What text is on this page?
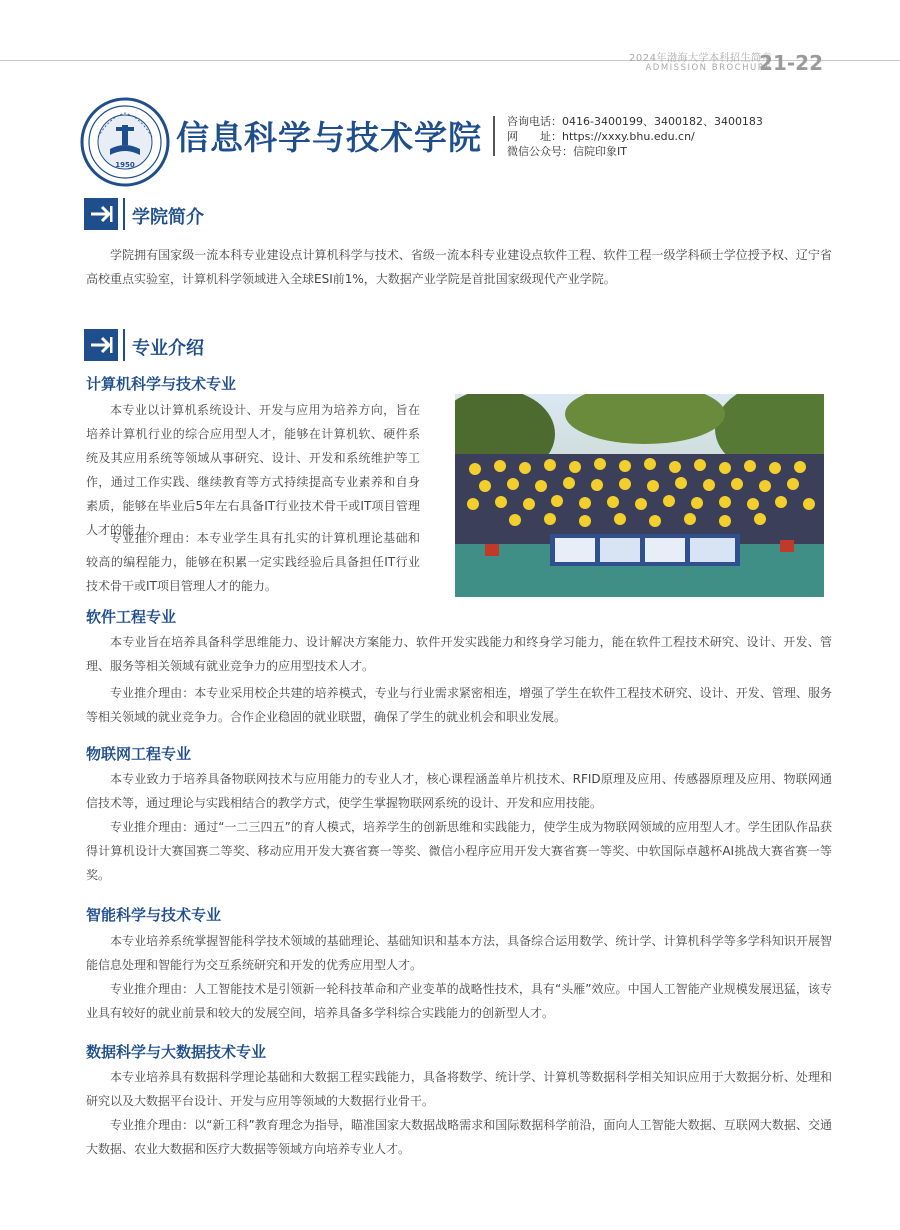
2024年渤海大学本科招生简章
ADMISSION BROCHURE
21-22
1950
信息科学与技术学院 咨询电话：0416-3400199、3400182、3400183
网　　址：https://xxxy.bhu.edu.cn/
微信公众号：信院印象IT
学院简介
学院拥有国家级一流本科专业建设点计算机科学与技术、省级一流本科专业建设点软件工程、软件工程一级学科硕士学位授予权、辽宁省高校重点实验室，计算机科学领域进入全球ESI前1%，大数据产业学院是首批国家级现代产业学院。
专业介绍
计算机科学与技术专业
本专业以计算机系统设计、开发与应用为培养方向，旨在培养计算机行业的综合应用型人才，能够在计算机软、硬件系统及其应用系统等领域从事研究、设计、开发和系统维护等工作，通过工作实践、继续教育等方式持续提高专业素养和自身素质，能够在毕业后5年左右具备IT行业技术骨干或IT项目管理人才的能力。
专业推介理由：本专业学生具有扎实的计算机理论基础和较高的编程能力，能够在积累一定实践经验后具备担任IT行业技术骨干或IT项目管理人才的能力。
软件工程专业
本专业旨在培养具备科学思维能力、设计解决方案能力、软件开发实践能力和终身学习能力，能在软件工程技术研究、设计、开发、管理、服务等相关领域有就业竞争力的应用型技术人才。
专业推介理由：本专业采用校企共建的培养模式，专业与行业需求紧密相连，增强了学生在软件工程技术研究、设计、开发、管理、服务等相关领域的就业竞争力。合作企业稳固的就业联盟，确保了学生的就业机会和职业发展。
物联网工程专业
本专业致力于培养具备物联网技术与应用能力的专业人才，核心课程涵盖单片机技术、RFID原理及应用、传感器原理及应用、物联网通信技术等，通过理论与实践相结合的教学方式，使学生掌握物联网系统的设计、开发和应用技能。
专业推介理由：通过“一二三四五”的育人模式，培养学生的创新思维和实践能力，使学生成为物联网领域的应用型人才。学生团队作品获得计算机设计大赛国赛二等奖、移动应用开发大赛省赛一等奖、微信小程序应用开发大赛省赛一等奖、中软国际卓越杯AI挑战大赛省赛一等奖。
智能科学与技术专业
本专业培养系统掌握智能科学技术领域的基础理论、基础知识和基本方法，具备综合运用数学、统计学、计算机科学等多学科知识开展智能信息处理和智能行为交互系统研究和开发的优秀应用型人才。
专业推介理由：人工智能技术是引领新一轮科技革命和产业变革的战略性技术，具有“头雁”效应。中国人工智能产业规模发展迅猛，该专业具有较好的就业前景和较大的发展空间，培养具备多学科综合实践能力的创新型人才。
数据科学与大数据技术专业
本专业培养具有数据科学理论基础和大数据工程实践能力，具备将数学、统计学、计算机等数据科学相关知识应用于大数据分析、处理和研究以及大数据平台设计、开发与应用等领域的大数据行业骨干。
专业推介理由：以“新工科”教育理念为指导，瞄准国家大数据战略需求和国际数据科学前沿，面向人工智能大数据、互联网大数据、交通大数据、农业大数据和医疗大数据等领域方向培养专业人才。
